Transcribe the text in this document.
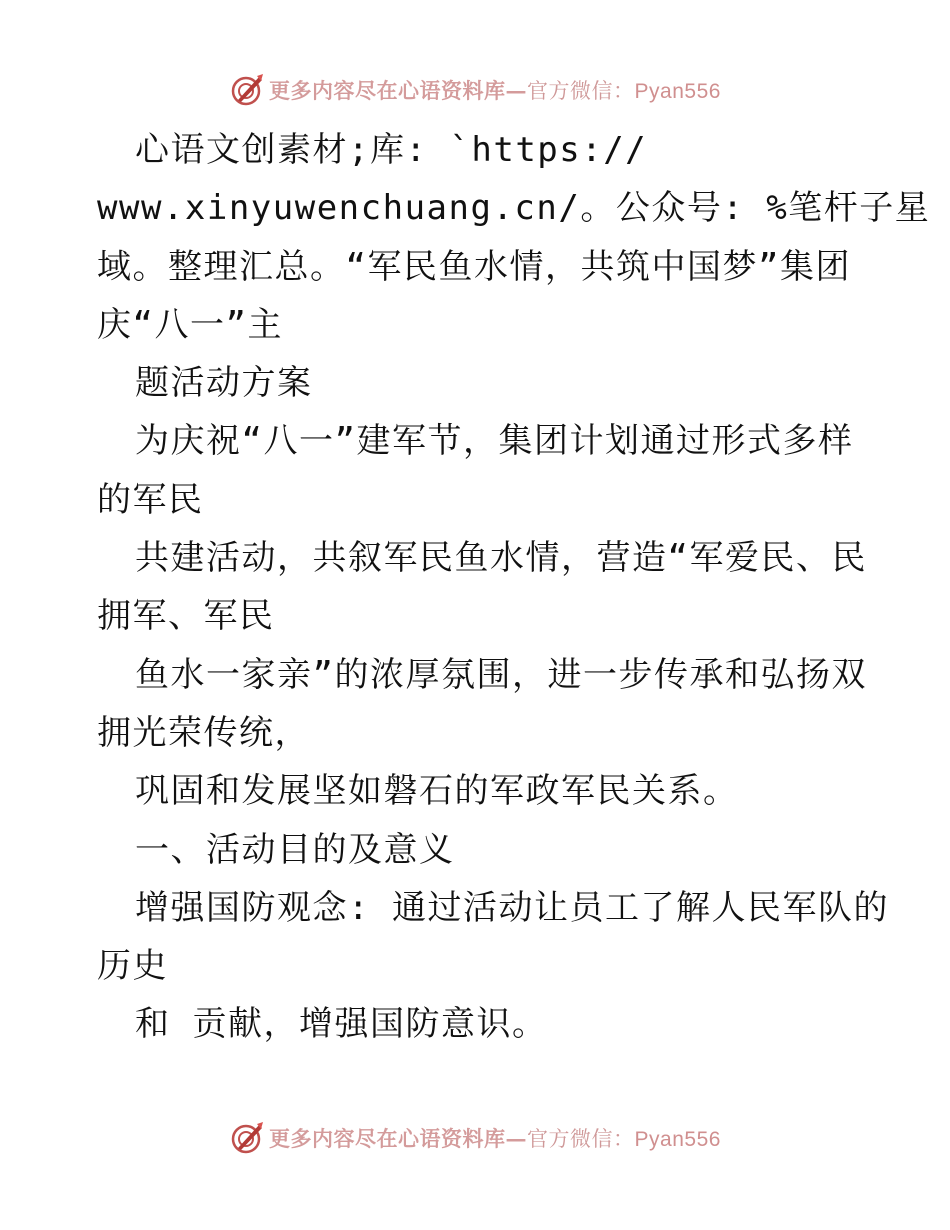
更多内容尽在心语资料库—官方微信：Pyan556
心语文创素材;库: `https://
www.xinyuwenchuang.cn/。公众号: %笔杆子星
域。整理汇总。“军民鱼水情，共筑中国梦”集团
庆“八一”主
题活动方案
为庆祝“八一”建军节，集团计划通过形式多样
的军民
共建活动，共叙军民鱼水情，营造“军爱民、民
拥军、军民
鱼水一家亲”的浓厚氛围，进一步传承和弘扬双
拥光荣传统，
巩固和发展坚如磐石的军政军民关系。
一、活动目的及意义
增强国防观念: 通过活动让员工了解人民军队的
历史
和 贡献，增强国防意识。
更多内容尽在心语资料库—官方微信：Pyan556
